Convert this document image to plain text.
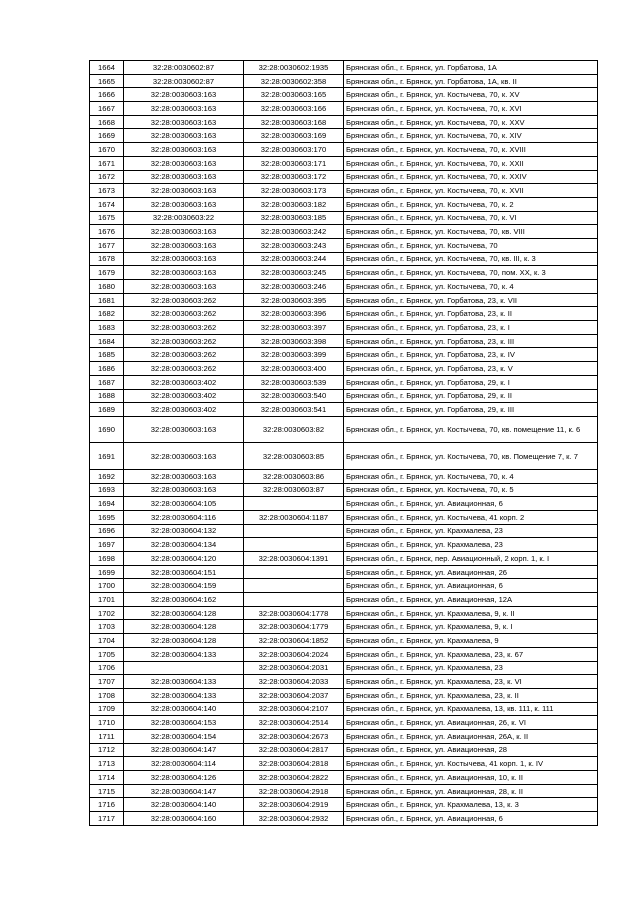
1664	32:28:0030602:87	32:28:0030602:1935	Брянская обл., г. Брянск, ул. Горбатова, 1А
1665	32:28:0030602:87	32:28:0030602:358	Брянская обл., г. Брянск, ул. Горбатова, 1А, кв. II
1666	32:28:0030603:163	32:28:0030603:165	Брянская обл., г. Брянск, ул. Костычева, 70, к. XV
1667	32:28:0030603:163	32:28:0030603:166	Брянская обл., г. Брянск, ул. Костычева, 70, к. XVI
1668	32:28:0030603:163	32:28:0030603:168	Брянская обл., г. Брянск, ул. Костычева, 70, к. XXV
1669	32:28:0030603:163	32:28:0030603:169	Брянская обл., г. Брянск, ул. Костычева, 70, к. XIV
1670	32:28:0030603:163	32:28:0030603:170	Брянская обл., г. Брянск, ул. Костычева, 70, к. XVIII
1671	32:28:0030603:163	32:28:0030603:171	Брянская обл., г. Брянск, ул. Костычева, 70, к. XXII
1672	32:28:0030603:163	32:28:0030603:172	Брянская обл., г. Брянск, ул. Костычева, 70, к. XXIV
1673	32:28:0030603:163	32:28:0030603:173	Брянская обл., г. Брянск, ул. Костычева, 70, к. XVII
1674	32:28:0030603:163	32:28:0030603:182	Брянская обл., г. Брянск, ул. Костычева, 70, к. 2
1675	32:28:0030603:22	32:28:0030603:185	Брянская обл., г. Брянск, ул. Костычева, 70, к. VI
1676	32:28:0030603:163	32:28:0030603:242	Брянская обл., г. Брянск, ул. Костычева, 70, кв. VIII
1677	32:28:0030603:163	32:28:0030603:243	Брянская обл., г. Брянск, ул. Костычева, 70
1678	32:28:0030603:163	32:28:0030603:244	Брянская обл., г. Брянск, ул. Костычева, 70, кв. III, к. 3
1679	32:28:0030603:163	32:28:0030603:245	Брянская обл., г. Брянск, ул. Костычева, 70, пом. XX, к. 3
1680	32:28:0030603:163	32:28:0030603:246	Брянская обл., г. Брянск, ул. Костычева, 70, к. 4
1681	32:28:0030603:262	32:28:0030603:395	Брянская обл., г. Брянск, ул. Горбатова, 23, к. VII
1682	32:28:0030603:262	32:28:0030603:396	Брянская обл., г. Брянск, ул. Горбатова, 23, к. II
1683	32:28:0030603:262	32:28:0030603:397	Брянская обл., г. Брянск, ул. Горбатова, 23, к. I
1684	32:28:0030603:262	32:28:0030603:398	Брянская обл., г. Брянск, ул. Горбатова, 23, к. III
1685	32:28:0030603:262	32:28:0030603:399	Брянская обл., г. Брянск, ул. Горбатова, 23, к. IV
1686	32:28:0030603:262	32:28:0030603:400	Брянская обл., г. Брянск, ул. Горбатова, 23, к. V
1687	32:28:0030603:402	32:28:0030603:539	Брянская обл., г. Брянск, ул. Горбатова, 29, к. I
1688	32:28:0030603:402	32:28:0030603:540	Брянская обл., г. Брянск, ул. Горбатова, 29, к. II
1689	32:28:0030603:402	32:28:0030603:541	Брянская обл., г. Брянск, ул. Горбатова, 29, к. III
1690	32:28:0030603:163	32:28:0030603:82	Брянская обл., г. Брянск, ул. Костычева, 70, кв. помещение 11, к. 6
1691	32:28:0030603:163	32:28:0030603:85	Брянская обл., г. Брянск, ул. Костычева, 70, кв. Помещение 7, к. 7
1692	32:28:0030603:163	32:28:0030603:86	Брянская обл., г. Брянск, ул. Костычева, 70, к. 4
1693	32:28:0030603:163	32:28:0030603:87	Брянская обл., г. Брянск, ул. Костычева, 70, к. 5
1694	32:28:0030604:105		Брянская обл., г. Брянск, ул. Авиационная, 6
1695	32:28:0030604:116	32:28:0030604:1187	Брянская обл., г. Брянск, ул. Костычева, 41 корп. 2
1696	32:28:0030604:132		Брянская обл., г. Брянск, ул. Крахмалева, 23
1697	32:28:0030604:134		Брянская обл., г. Брянск, ул. Крахмалева, 23
1698	32:28:0030604:120	32:28:0030604:1391	Брянская обл., г. Брянск, пер. Авиационный, 2 корп. 1, к. I
1699	32:28:0030604:151		Брянская обл., г. Брянск, ул. Авиационная, 26
1700	32:28:0030604:159		Брянская обл., г. Брянск, ул. Авиационная, 6
1701	32:28:0030604:162		Брянская обл., г. Брянск, ул. Авиационная, 12А
1702	32:28:0030604:128	32:28:0030604:1778	Брянская обл., г. Брянск, ул. Крахмалева, 9, к. II
1703	32:28:0030604:128	32:28:0030604:1779	Брянская обл., г. Брянск, ул. Крахмалева, 9, к. I
1704	32:28:0030604:128	32:28:0030604:1852	Брянская обл., г. Брянск, ул. Крахмалева, 9
1705	32:28:0030604:133	32:28:0030604:2024	Брянская обл., г. Брянск, ул. Крахмалева, 23, к. 67
1706		32:28:0030604:2031	Брянская обл., г. Брянск, ул. Крахмалева, 23
1707	32:28:0030604:133	32:28:0030604:2033	Брянская обл., г. Брянск, ул. Крахмалева, 23, к. VI
1708	32:28:0030604:133	32:28:0030604:2037	Брянская обл., г. Брянск, ул. Крахмалева, 23, к. II
1709	32:28:0030604:140	32:28:0030604:2107	Брянская обл., г. Брянск, ул. Крахмалева, 13, кв. 111, к. 111
1710	32:28:0030604:153	32:28:0030604:2514	Брянская обл., г. Брянск, ул. Авиационная, 26, к. VI
1711	32:28:0030604:154	32:28:0030604:2673	Брянская обл., г. Брянск, ул. Авиационная, 26А, к. II
1712	32:28:0030604:147	32:28:0030604:2817	Брянская обл., г. Брянск, ул. Авиационная, 28
1713	32:28:0030604:114	32:28:0030604:2818	Брянская обл., г. Брянск, ул. Костычева, 41 корп. 1, к. IV
1714	32:28:0030604:126	32:28:0030604:2822	Брянская обл., г. Брянск, ул. Авиационная, 10, к. II
1715	32:28:0030604:147	32:28:0030604:2918	Брянская обл., г. Брянск, ул. Авиационная, 28, к. II
1716	32:28:0030604:140	32:28:0030604:2919	Брянская обл., г. Брянск, ул. Крахмалева, 13, к. 3
1717	32:28:0030604:160	32:28:0030604:2932	Брянская обл., г. Брянск, ул. Авиационная, 6
